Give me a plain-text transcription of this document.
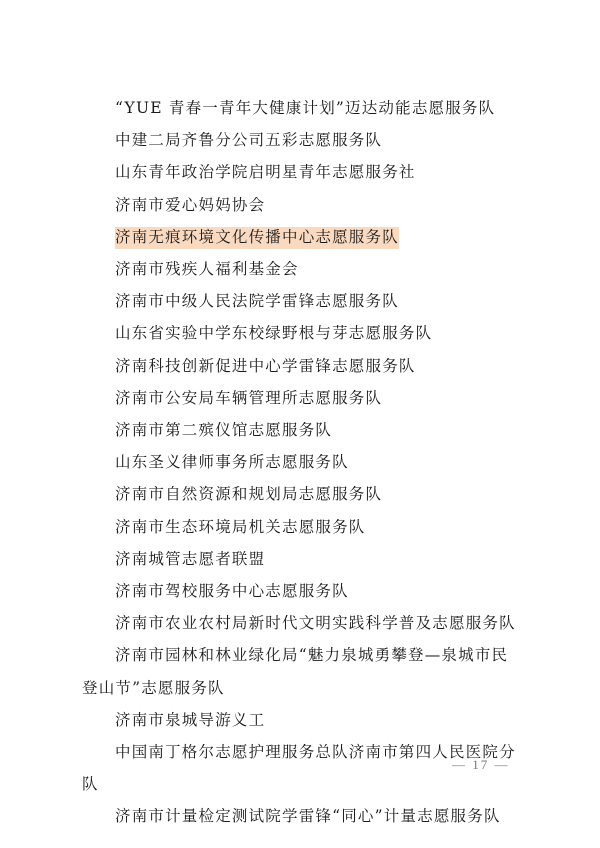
“YUE 青春一青年大健康计划”迈达动能志愿服务队
中建二局齐鲁分公司五彩志愿服务队
山东青年政治学院启明星青年志愿服务社
济南市爱心妈妈协会
济南无痕环境文化传播中心志愿服务队
济南市残疾人福利基金会
济南市中级人民法院学雷锋志愿服务队
山东省实验中学东校绿野根与芽志愿服务队
济南科技创新促进中心学雷锋志愿服务队
济南市公安局车辆管理所志愿服务队
济南市第二殡仪馆志愿服务队
山东圣义律师事务所志愿服务队
济南市自然资源和规划局志愿服务队
济南市生态环境局机关志愿服务队
济南城管志愿者联盟
济南市驾校服务中心志愿服务队
济南市农业农村局新时代文明实践科学普及志愿服务队
济南市园林和林业绿化局“魅力泉城勇攀登—泉城市民登山节”志愿服务队
济南市泉城导游义工
中国南丁格尔志愿护理服务总队济南市第四人民医院分队
济南市计量检定测试院学雷锋“同心”计量志愿服务队
— 17 —
